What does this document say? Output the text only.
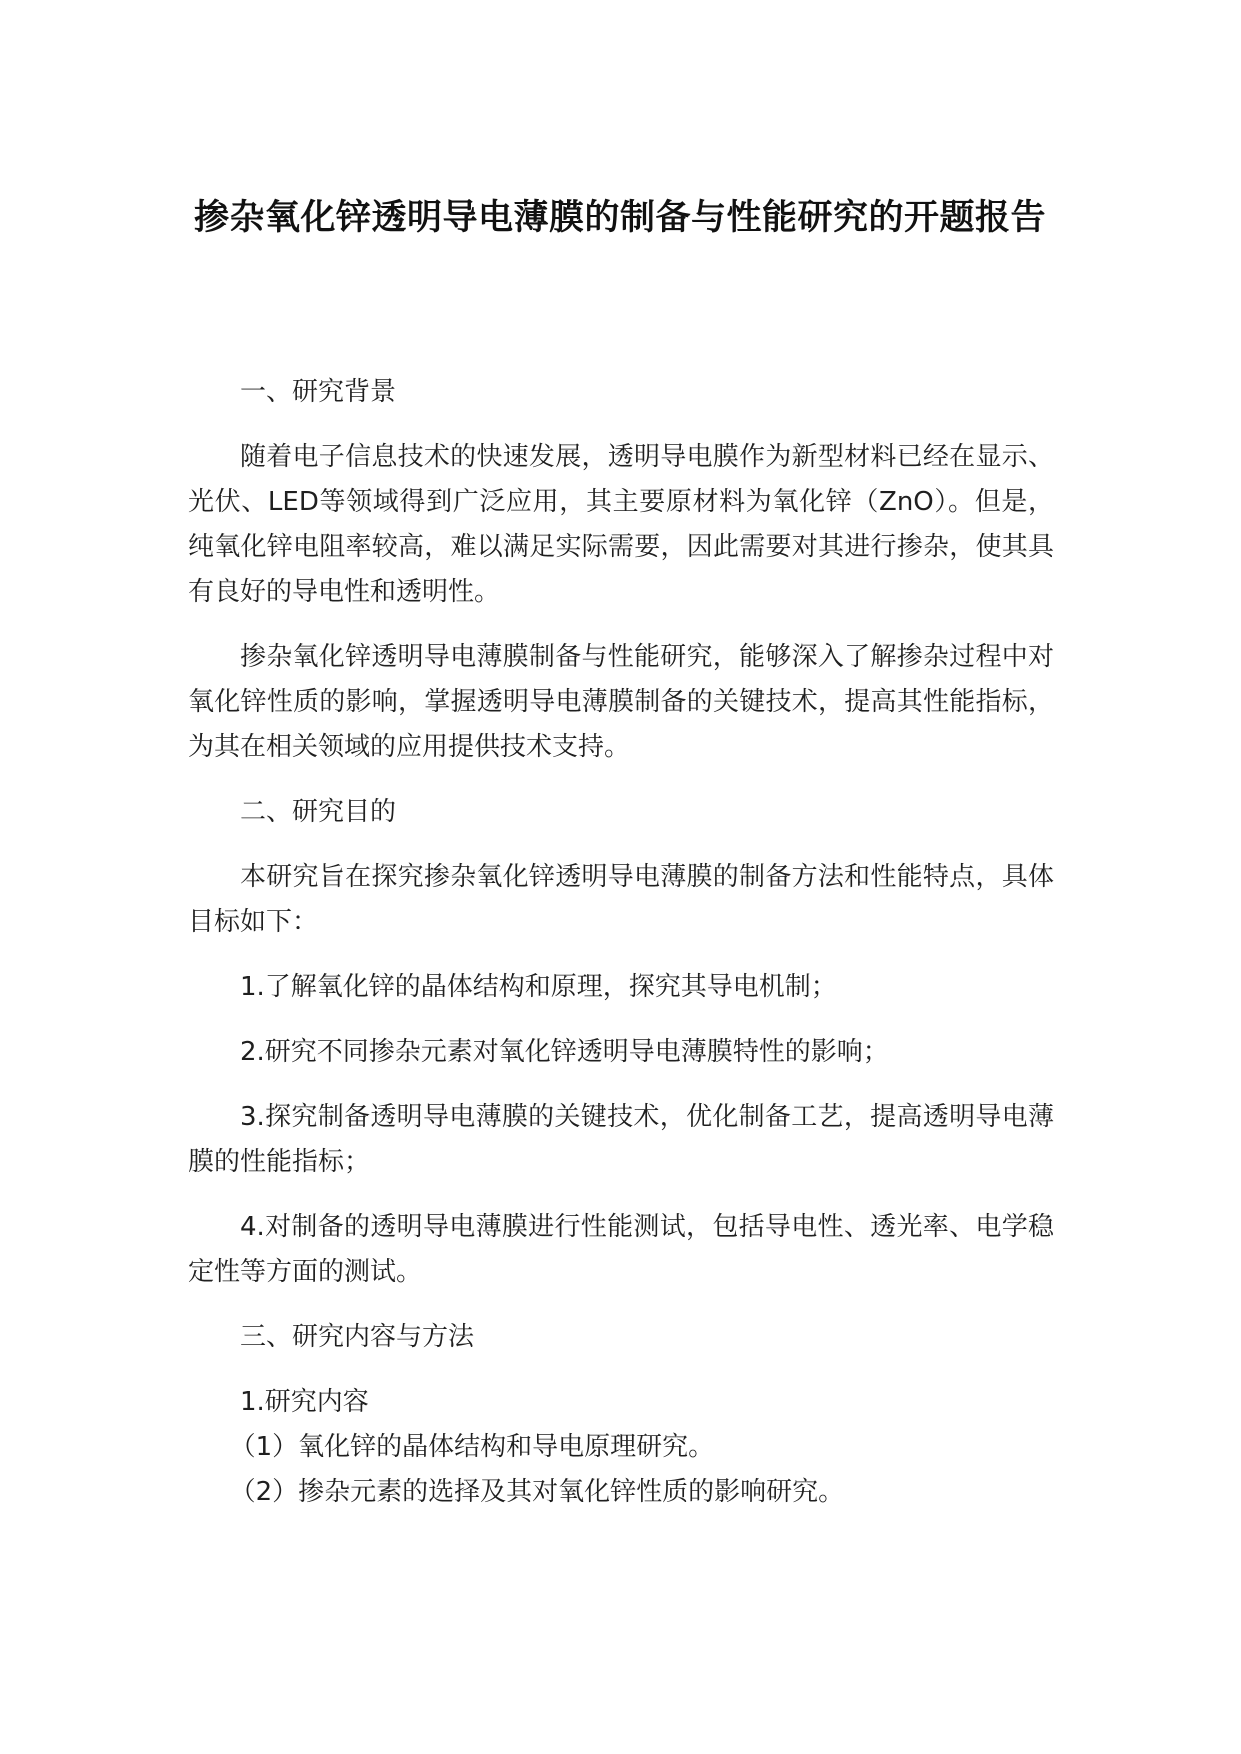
掺杂氧化锌透明导电薄膜的制备与性能研究的开题报告

一、研究背景

随着电子信息技术的快速发展，透明导电膜作为新型材料已经在显示、光伏、LED等领域得到广泛应用，其主要原材料为氧化锌（ZnO）。但是，纯氧化锌电阻率较高，难以满足实际需要，因此需要对其进行掺杂，使其具有良好的导电性和透明性。

掺杂氧化锌透明导电薄膜制备与性能研究，能够深入了解掺杂过程中对氧化锌性质的影响，掌握透明导电薄膜制备的关键技术，提高其性能指标，为其在相关领域的应用提供技术支持。

二、研究目的

本研究旨在探究掺杂氧化锌透明导电薄膜的制备方法和性能特点，具体目标如下：

1.了解氧化锌的晶体结构和原理，探究其导电机制；

2.研究不同掺杂元素对氧化锌透明导电薄膜特性的影响；

3.探究制备透明导电薄膜的关键技术，优化制备工艺，提高透明导电薄膜的性能指标；

4.对制备的透明导电薄膜进行性能测试，包括导电性、透光率、电学稳定性等方面的测试。

三、研究内容与方法

1.研究内容

（1）氧化锌的晶体结构和导电原理研究。

（2）掺杂元素的选择及其对氧化锌性质的影响研究。
